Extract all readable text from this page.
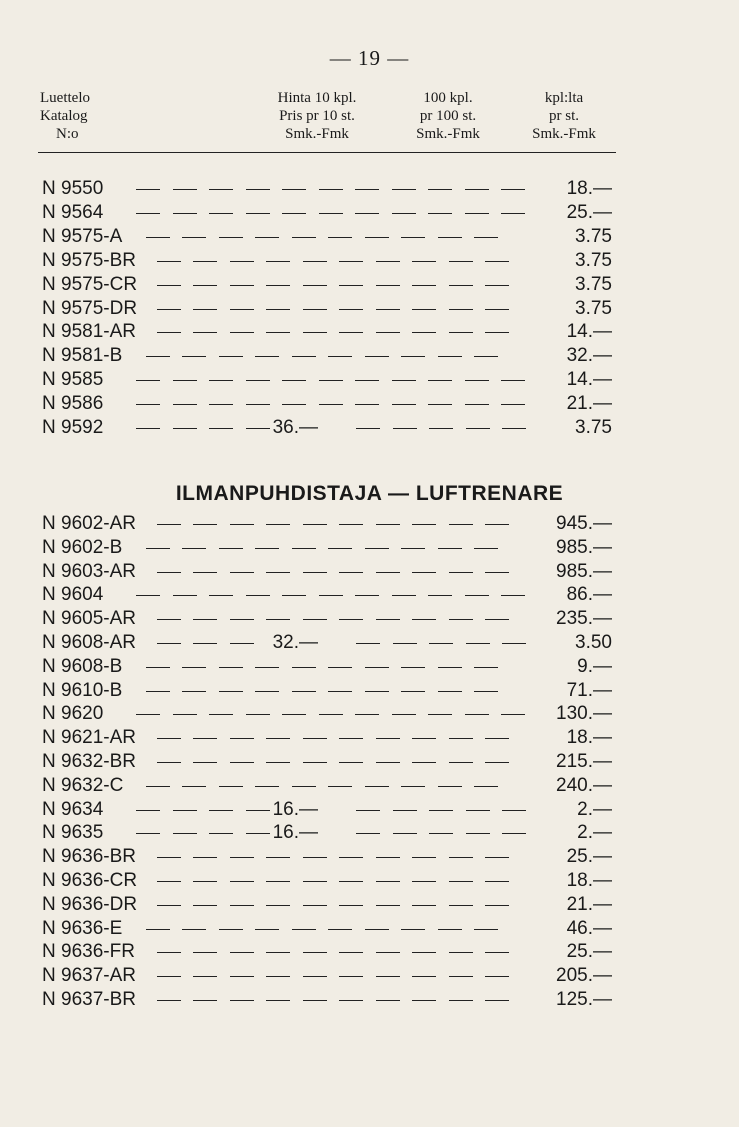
— 19 —
Luettelo
Katalog
N:o
Hinta 10 kpl.
Pris pr 10 st.
Smk.-Fmk
100 kpl.
pr 100 st.
Smk.-Fmk
kpl:lta
pr st.
Smk.-Fmk
N 9550	18.—
N 9564	25.—
N 9575-A	3.75
N 9575-BR	3.75
N 9575-CR	3.75
N 9575-DR	3.75
N 9581-AR	14.—
N 9581-B	32.—
N 9585	14.—
N 9586	21.—
N 9592	36.—	3.75
ILMANPUHDISTAJA — LUFTRENARE
N 9602-AR	945.—
N 9602-B	985.—
N 9603-AR	985.—
N 9604	86.—
N 9605-AR	235.—
N 9608-AR	32.—	3.50
N 9608-B	9.—
N 9610-B	71.—
N 9620	130.—
N 9621-AR	18.—
N 9632-BR	215.—
N 9632-C	240.—
N 9634	16.—	2.—
N 9635	16.—	2.—
N 9636-BR	25.—
N 9636-CR	18.—
N 9636-DR	21.—
N 9636-E	46.—
N 9636-FR	25.—
N 9637-AR	205.—
N 9637-BR	125.—
